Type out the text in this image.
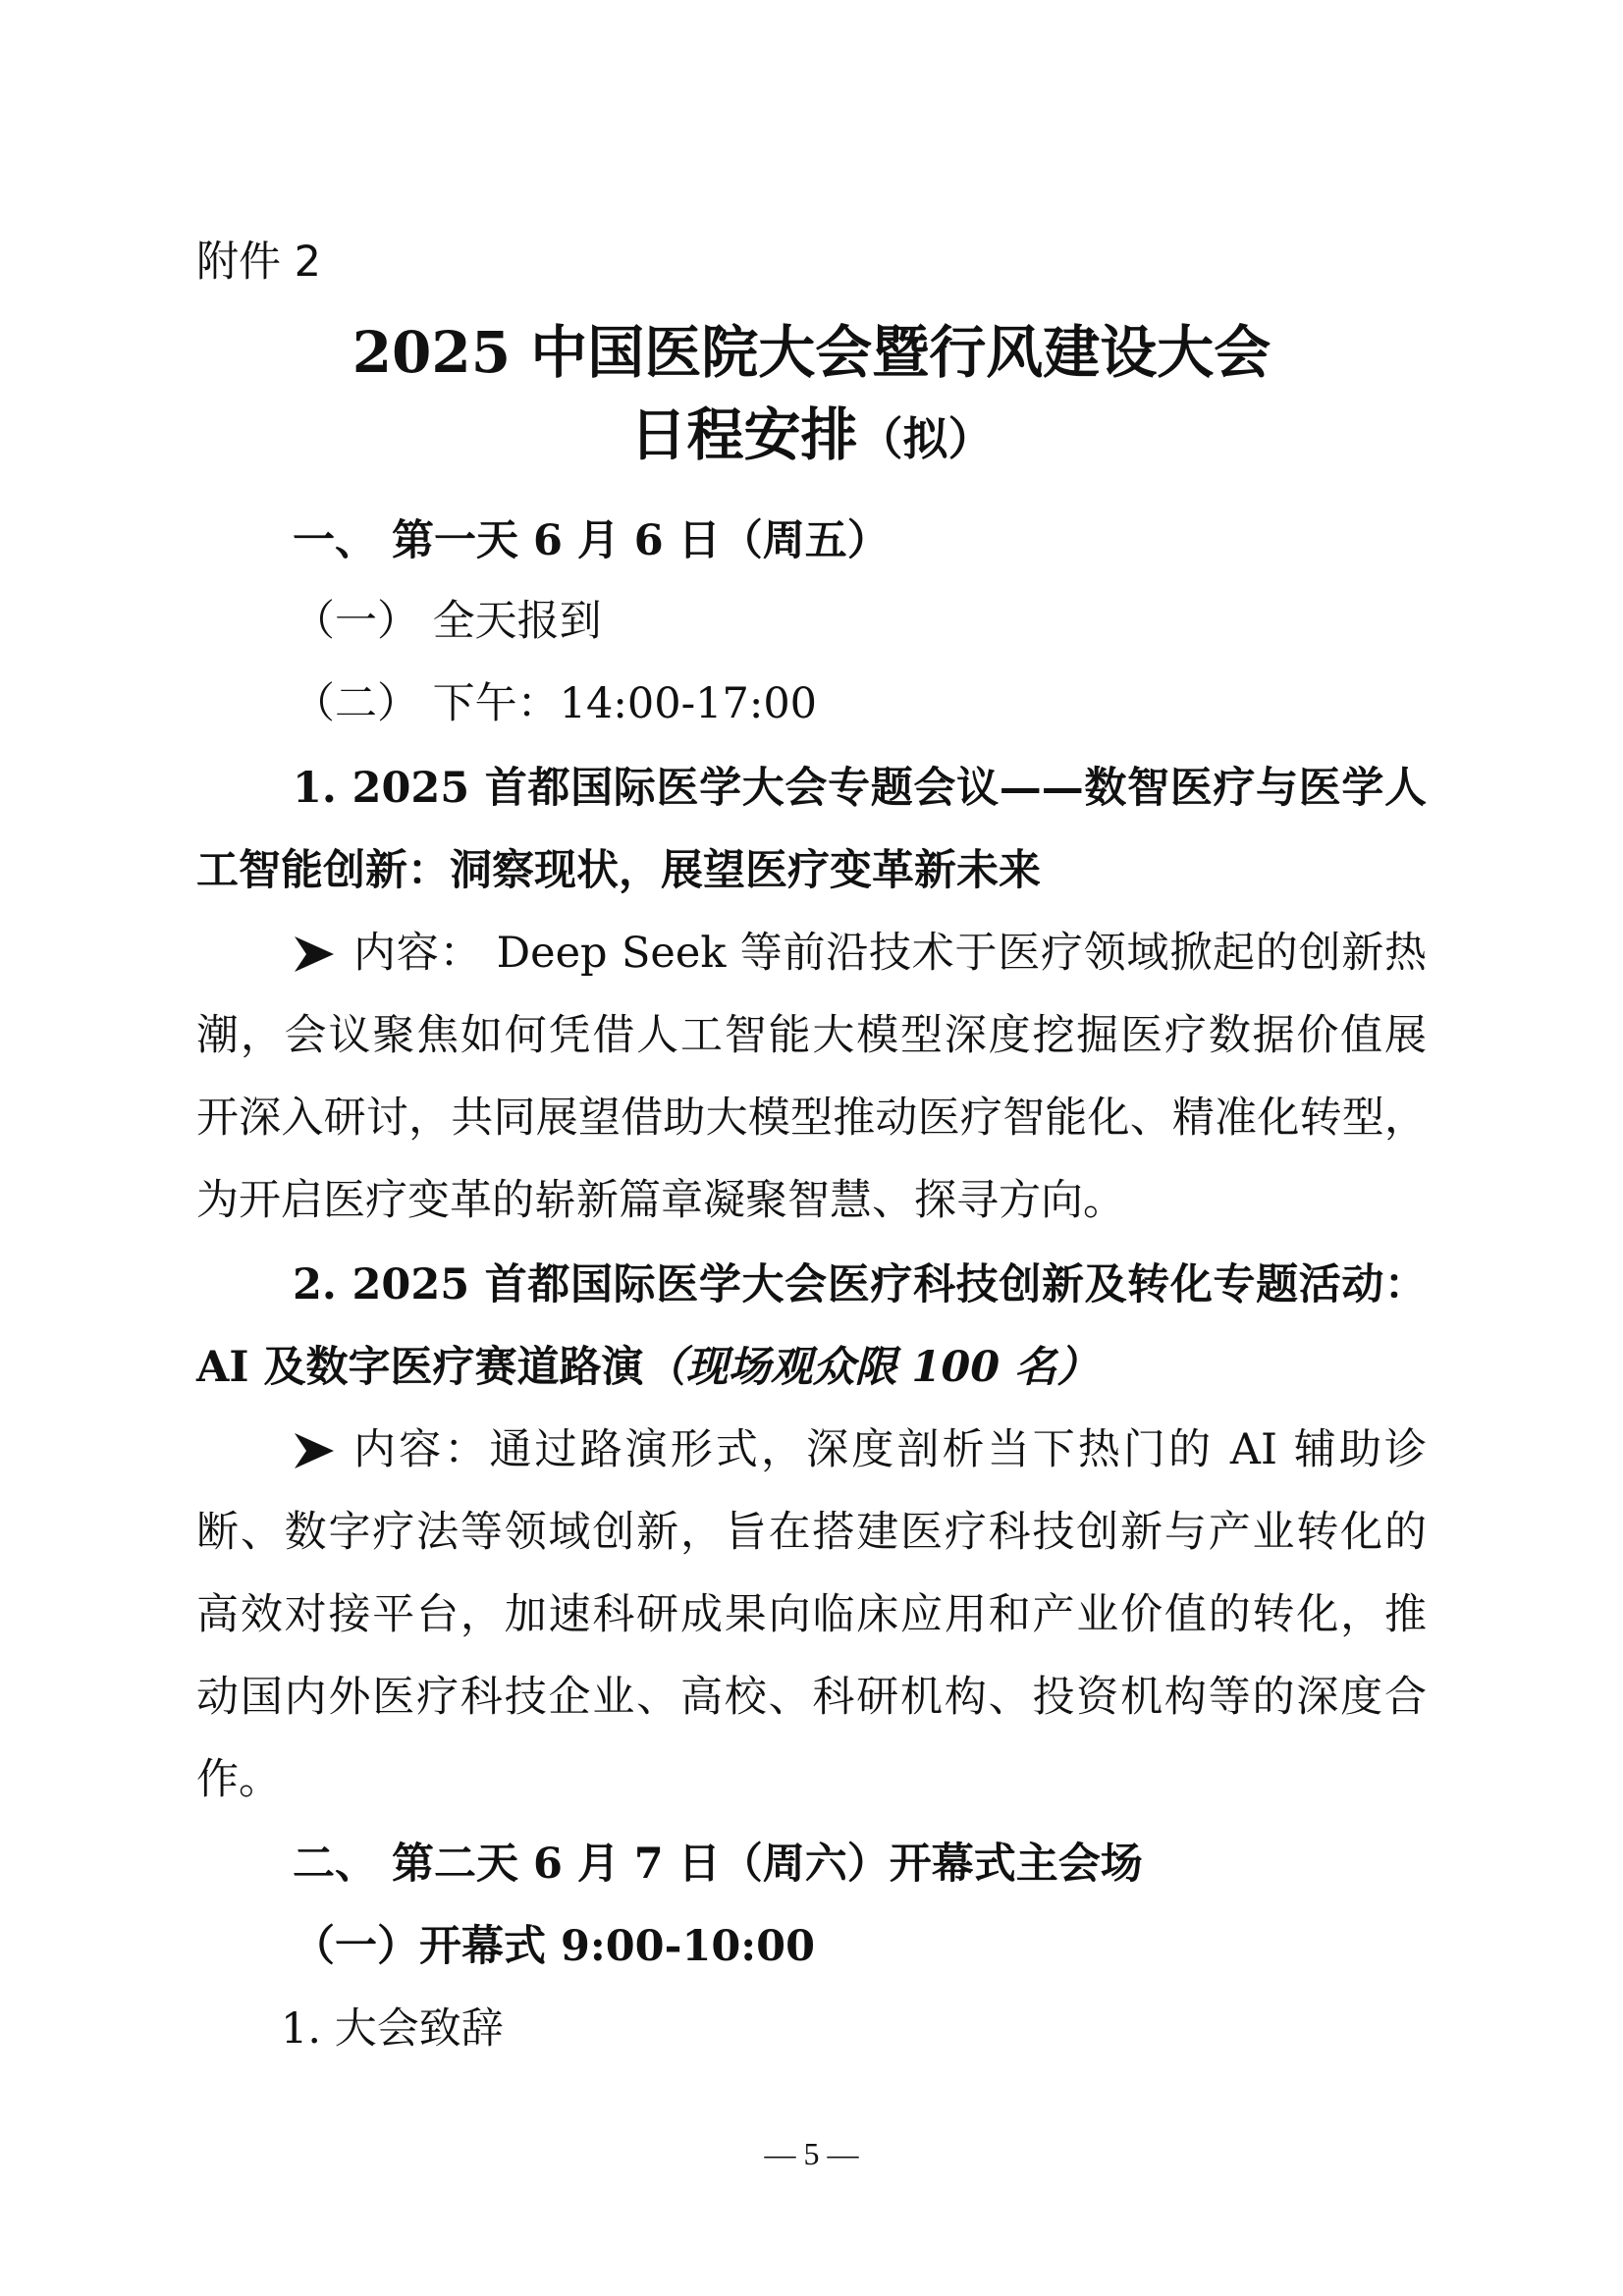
附件 2
2025 中国医院大会暨行风建设大会
日程安排（拟）
一、 第一天 6 月 6 日（周五）
（一） 全天报到
（二） 下午：14:00-17:00
1. 2025 首都国际医学大会专题会议——数智医疗与医学人
工智能创新：洞察现状，展望医疗变革新未来
内容： Deep Seek 等前沿技术于医疗领域掀起的创新热
潮，会议聚焦如何凭借人工智能大模型深度挖掘医疗数据价值展
开深入研讨，共同展望借助大模型推动医疗智能化、精准化转型，
为开启医疗变革的崭新篇章凝聚智慧、探寻方向。
2. 2025 首都国际医学大会医疗科技创新及转化专题活动：
AI 及数字医疗赛道路演（现场观众限 100 名）
内容：通过路演形式，深度剖析当下热门的 AI 辅助诊
断、数字疗法等领域创新，旨在搭建医疗科技创新与产业转化的
高效对接平台，加速科研成果向临床应用和产业价值的转化，推
动国内外医疗科技企业、高校、科研机构、投资机构等的深度合
作。
二、 第二天 6 月 7 日（周六）开幕式主会场
（一）开幕式 9:00-10:00
1. 大会致辞
— 5 —
